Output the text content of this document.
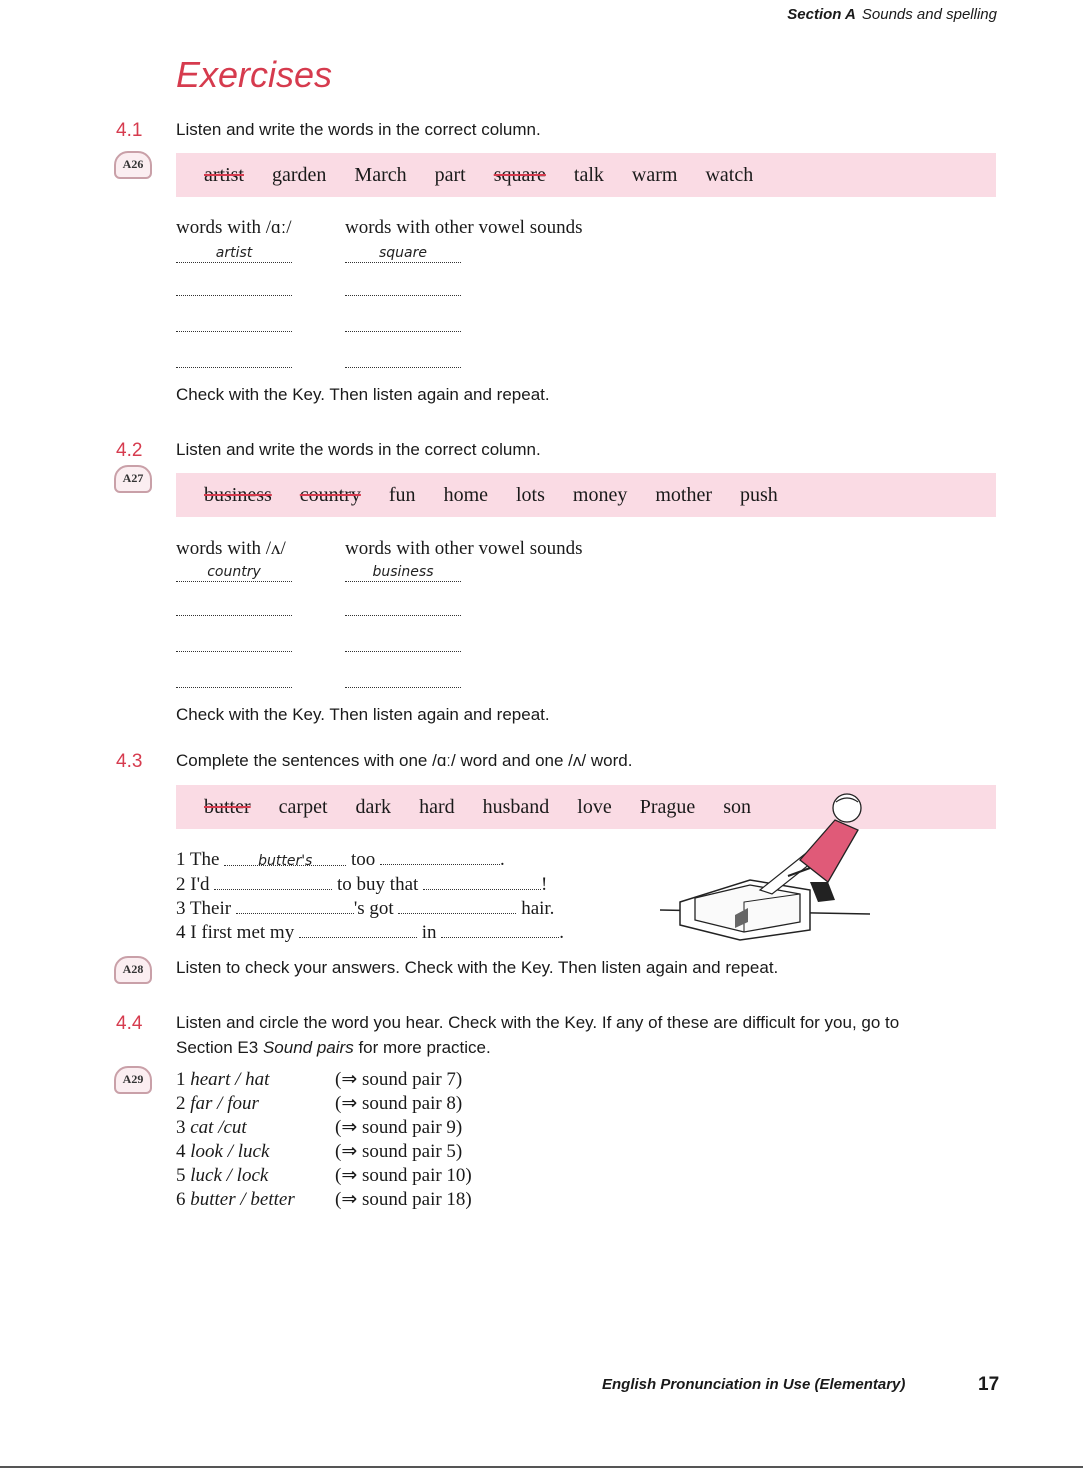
Section A Sounds and spelling
Exercises
4.1 Listen and write the words in the correct column.
A26	artist garden March part square talk warm watch
words with /ɑː/	words with other vowel sounds
artist	square
Check with the Key. Then listen again and repeat.
4.2 Listen and write the words in the correct column.
A27
business country fun home lots money mother push
words with /ʌ/	words with other vowel sounds
country	business
Check with the Key. Then listen again and repeat.
4.3 Complete the sentences with one /ɑː/ word and one /ʌ/ word.
butter carpet dark hard husband love Prague son
1 The	butter's too	.
2 I'd	to buy that	!
3 Their	's got	hair.
4 I first met my	in	.
A28	Listen to check your answers. Check with the Key. Then listen again and repeat.
4.4 Listen and circle the word you hear. Check with the Key. If any of these are difficult for you, go to
Section E3 Sound pairs for more practice.
A29	1 heart / hat	(⇒ sound pair 7)
2 far / four	(⇒ sound pair 8)
3 cat /cut	(⇒ sound pair 9)
4 look / luck	(⇒ sound pair 5)
5 luck / lock	(⇒ sound pair 10)
6 butter / better (⇒ sound pair 18)
English Pronunciation in Use (Elementary)	17
